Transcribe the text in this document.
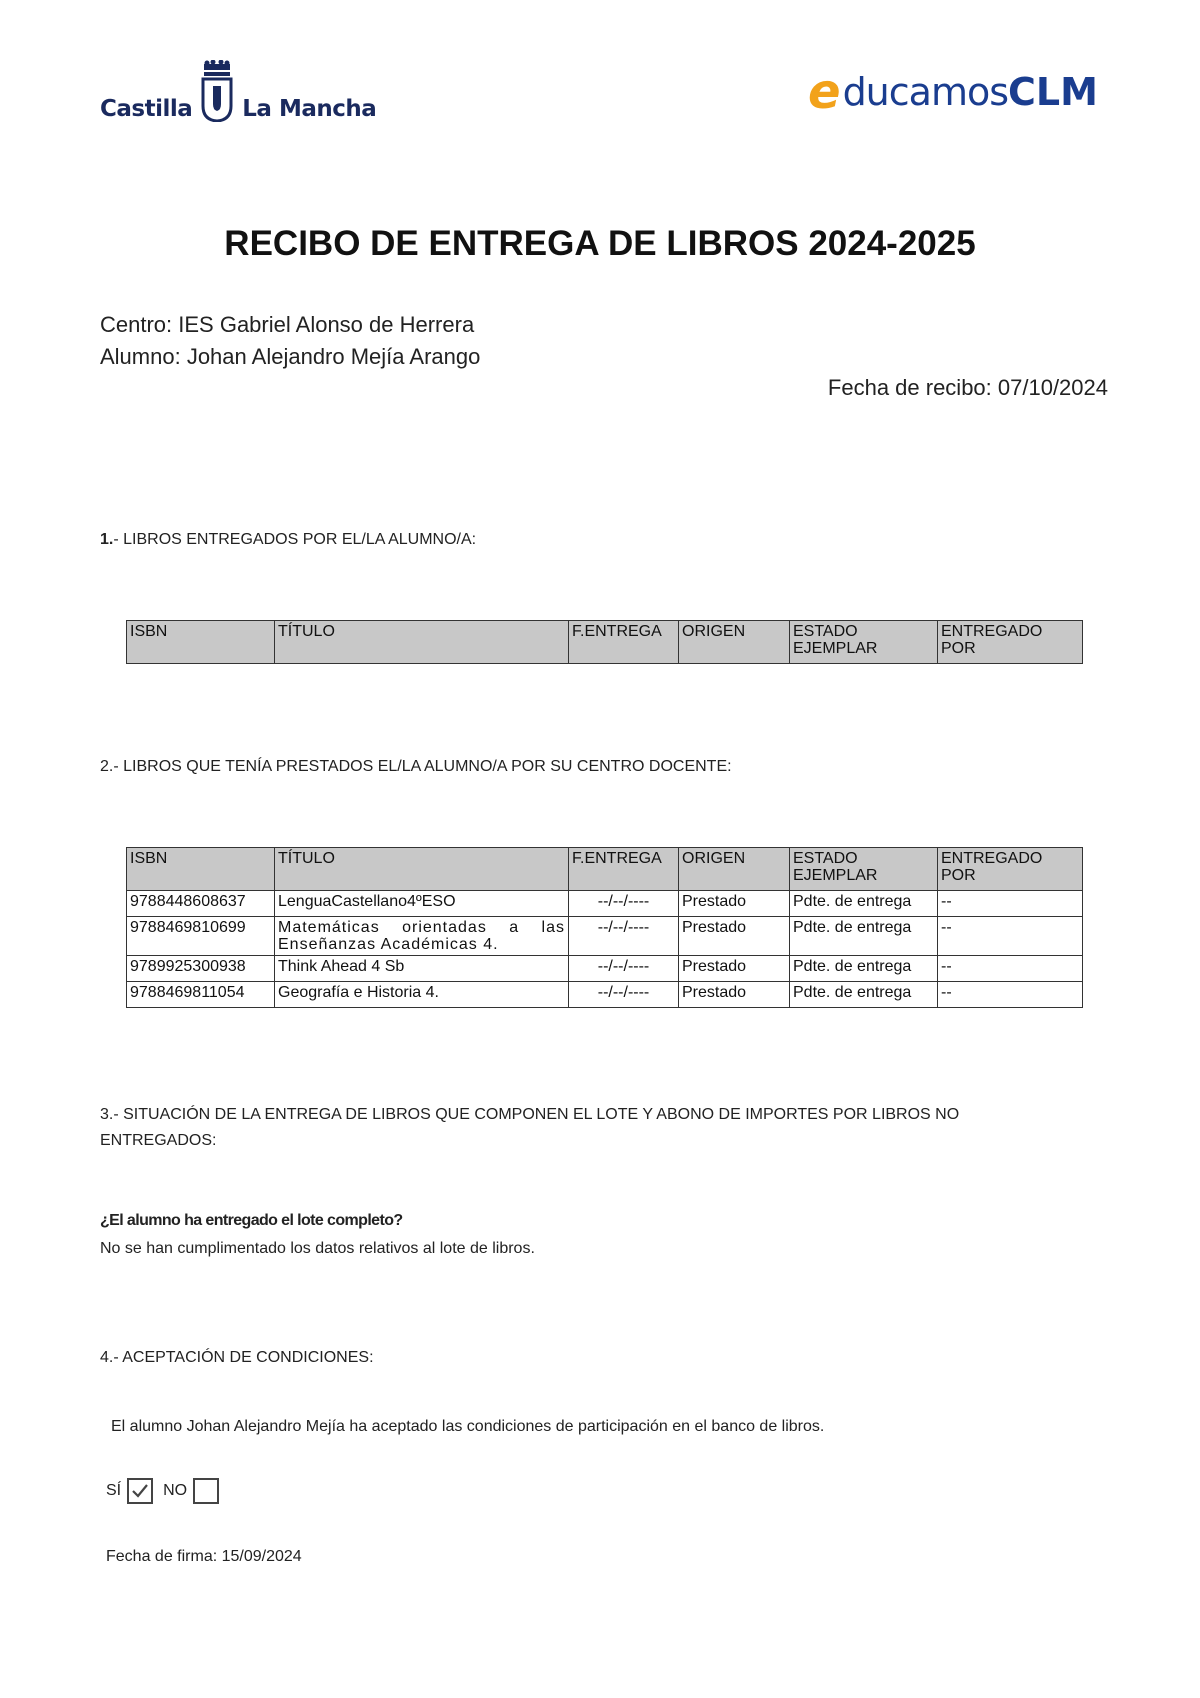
Castilla La Mancha	e ducamos CLM
RECIBO DE ENTREGA DE LIBROS 2024-2025
Centro: IES Gabriel Alonso de Herrera
Alumno: Johan Alejandro Mejía Arango
Fecha de recibo: 07/10/2024
1.- LIBROS ENTREGADOS POR EL/LA ALUMNO/A:
ISBN	TÍTULO	F.ENTREGA	ORIGEN	ESTADO EJEMPLAR	ENTREGADO POR
2.- LIBROS QUE TENÍA PRESTADOS EL/LA ALUMNO/A POR SU CENTRO DOCENTE:
ISBN	TÍTULO	F.ENTREGA	ORIGEN	ESTADO EJEMPLAR	ENTREGADO POR
9788448608637	LenguaCastellano4ºESO	--/--/----	Prestado	Pdte. de entrega	--
9788469810699	Matemáticas orientadas a las Enseñanzas Académicas 4.	--/--/----	Prestado	Pdte. de entrega	--
9789925300938	Think Ahead 4 Sb	--/--/----	Prestado	Pdte. de entrega	--
9788469811054	Geografía e Historia 4.	--/--/----	Prestado	Pdte. de entrega	--
3.- SITUACIÓN DE LA ENTREGA DE LIBROS QUE COMPONEN EL LOTE Y ABONO DE IMPORTES POR LIBROS NO
ENTREGADOS:
¿El alumno ha entregado el lote completo?
No se han cumplimentado los datos relativos al lote de libros.
4.- ACEPTACIÓN DE CONDICIONES:
El alumno Johan Alejandro Mejía ha aceptado las condiciones de participación en el banco de libros.
SÍ	NO
Fecha de firma: 15/09/2024
